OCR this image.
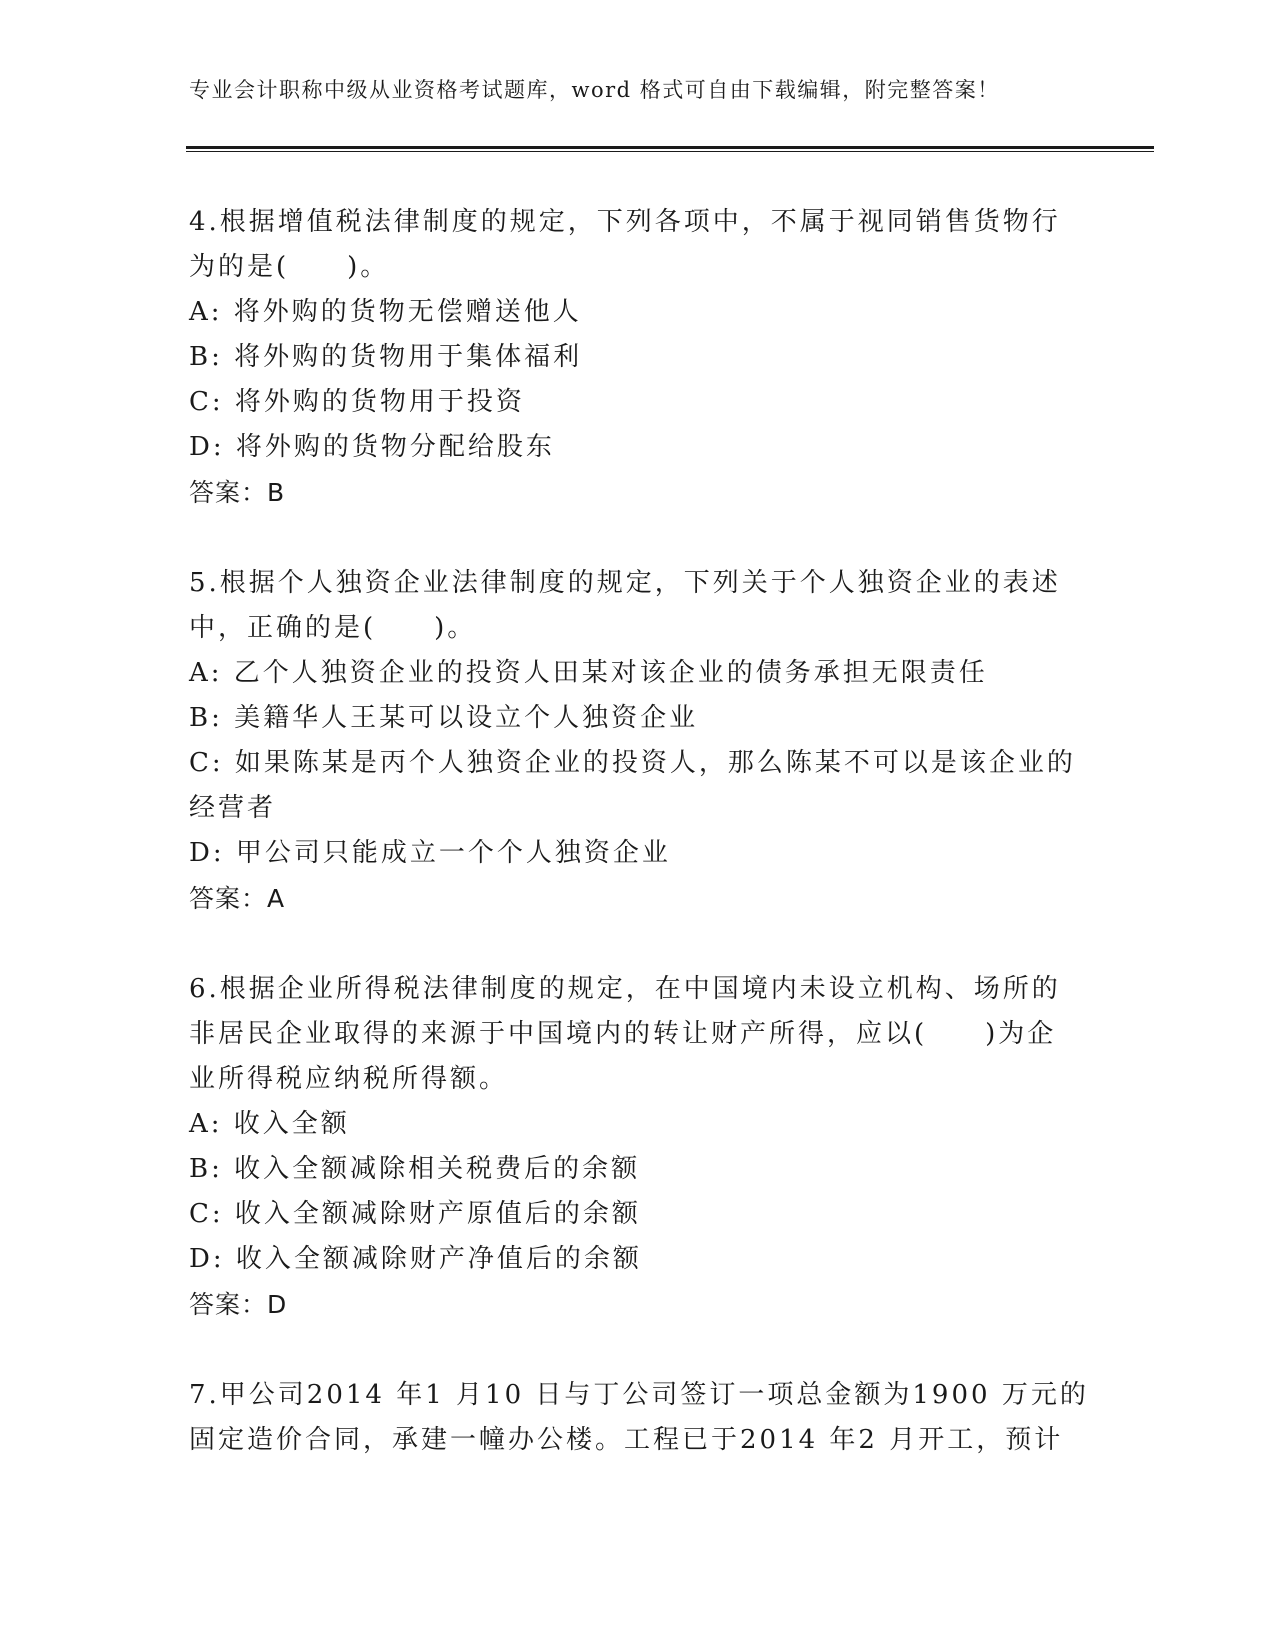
专业会计职称中级从业资格考试题库，word 格式可自由下载编辑，附完整答案！

4.根据增值税法律制度的规定，下列各项中，不属于视同销售货物行

为的是(　　)。

A: 将外购的货物无偿赠送他人

B: 将外购的货物用于集体福利

C: 将外购的货物用于投资

D: 将外购的货物分配给股东

答案：B

5.根据个人独资企业法律制度的规定，下列关于个人独资企业的表述

中，正确的是(　　)。

A: 乙个人独资企业的投资人田某对该企业的债务承担无限责任

B: 美籍华人王某可以设立个人独资企业

C: 如果陈某是丙个人独资企业的投资人，那么陈某不可以是该企业的

经营者

D: 甲公司只能成立一个个人独资企业

答案：A

6.根据企业所得税法律制度的规定，在中国境内未设立机构、场所的

非居民企业取得的来源于中国境内的转让财产所得，应以(　　)为企

业所得税应纳税所得额。

A: 收入全额

B: 收入全额减除相关税费后的余额

C: 收入全额减除财产原值后的余额

D: 收入全额减除财产净值后的余额

答案：D

7.甲公司2014 年1 月10 日与丁公司签订一项总金额为1900 万元的

固定造价合同，承建一幢办公楼。工程已于2014 年2 月开工，预计
